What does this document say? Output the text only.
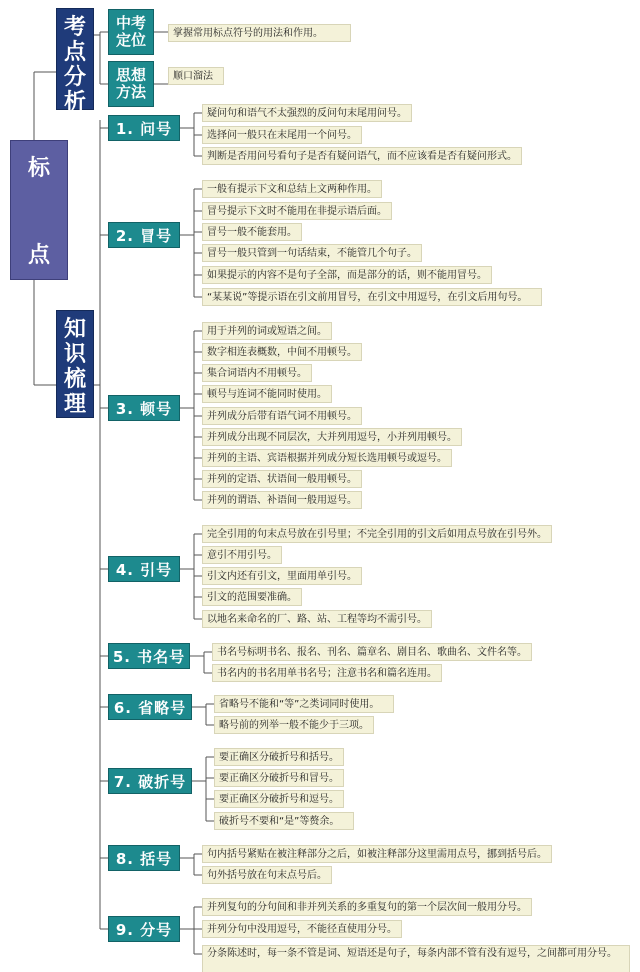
标
点
考
点
分
析
中考
定位	掌握常用标点符号的用法和作用。
思想
方法
顺口溜法
知
识
梳
理
1. 问号
疑问句和语气不太强烈的反问句末尾用问号。
选择问一般只在末尾用一个问号。
判断是否用问号看句子是否有疑问语气，而不应该看是否有疑问形式。
2. 冒号
一般有提示下文和总结上文两种作用。
冒号提示下文时不能用在非提示语后面。
冒号一般不能套用。
冒号一般只管到一句话结束，不能管几个句子。
如果提示的内容不是句子全部，而是部分的话，则不能用冒号。
“某某说”等提示语在引文前用冒号，在引文中用逗号，在引文后用句号。
3. 顿号
用于并列的词或短语之间。
数字相连表概数，中间不用顿号。
集合词语内不用顿号。
顿号与连词不能同时使用。
并列成分后带有语气词不用顿号。
并列成分出现不同层次，大并列用逗号，小并列用顿号。
并列的主语、宾语根据并列成分短长选用顿号或逗号。
并列的定语、状语间一般用顿号。
并列的谓语、补语间一般用逗号。
4. 引号
完全引用的句末点号放在引号里；不完全引用的引文后如用点号放在引号外。
意引不用引号。
引文内还有引文，里面用单引号。
引文的范围要准确。
以地名来命名的厂、路、站、工程等均不需引号。
5. 书名号	书名号标明书名、报名、刊名、篇章名、剧目名、歌曲名、文件名等。
书名内的书名用单书名号；注意书名和篇名连用。
6. 省略号	省略号不能和“等”之类词同时使用。
略号前的列举一般不能少于三项。
7. 破折号
要正确区分破折号和括号。
要正确区分破折号和冒号。
要正确区分破折号和逗号。
破折号不要和“是”等赘余。
8. 括号	句内括号紧贴在被注释部分之后，如被注释部分这里需用点号，挪到括号后。
句外括号放在句末点号后。
9. 分号
并列复句的分句间和非并列关系的多重复句的第一个层次间一般用分号。
并列分句中没用逗号，不能径直使用分号。
分条陈述时，每一条不管是词、短语还是句子，每条内部不管有没有逗号，之间都可用分号。
